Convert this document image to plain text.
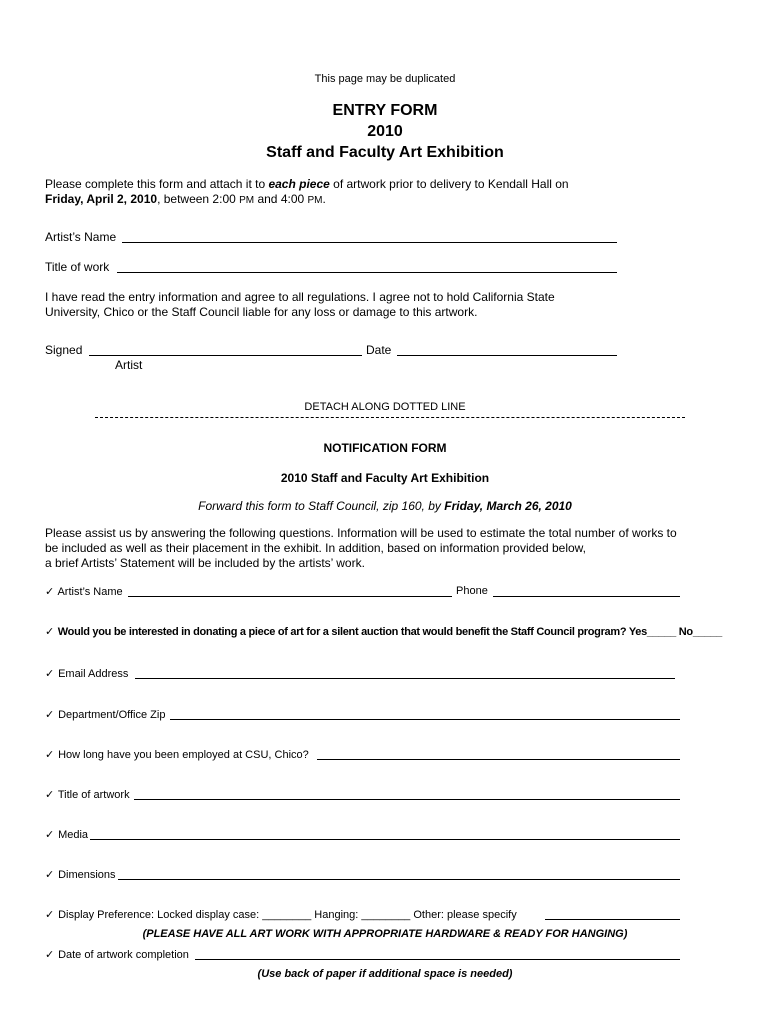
This page may be duplicated
ENTRY FORM
2010
Staff and Faculty Art Exhibition
Please complete this form and attach it to each piece of artwork prior to delivery to Kendall Hall on
Friday, April 2, 2010, between 2:00 PM and 4:00 PM.
Artist’s Name
Title of work
I have read the entry information and agree to all regulations. I agree not to hold California State
University, Chico or the Staff Council liable for any loss or damage to this artwork.
Signed	Date
Artist
DETACH ALONG DOTTED LINE
NOTIFICATION FORM
2010 Staff and Faculty Art Exhibition
Forward this form to Staff Council, zip 160, by Friday, March 26, 2010
Please assist us by answering the following questions. Information will be used to estimate the total number of works to
be included as well as their placement in the exhibit. In addition, based on information provided below,
a brief Artists’ Statement will be included by the artists’ work.
✓ Artist’s Name	Phone
✓ Would you be interested in donating a piece of art for a silent auction that would benefit the Staff Council program? Yes_____ No_____
✓ Email Address
✓ Department/Office Zip
✓ How long have you been employed at CSU, Chico?
✓ Title of artwork
✓ Media
✓ Dimensions
✓ Display Preference: Locked display case: ________ Hanging: ________ Other: please specify
(PLEASE HAVE ALL ART WORK WITH APPROPRIATE HARDWARE & READY FOR HANGING)
✓ Date of artwork completion
(Use back of paper if additional space is needed)
